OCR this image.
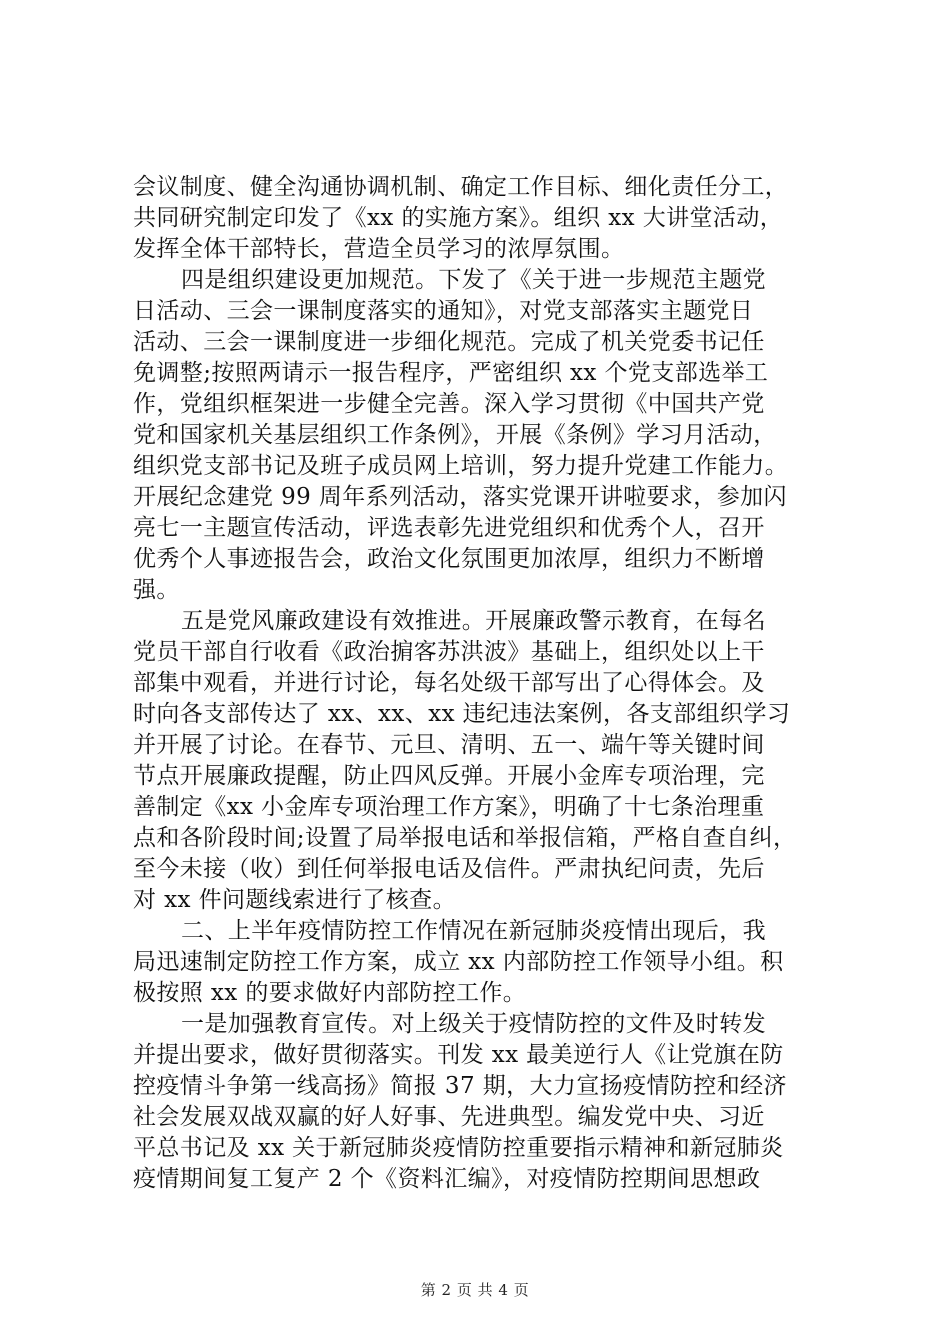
会议制度、健全沟通协调机制、确定工作目标、细化责任分工，
共同研究制定印发了《xx 的实施方案》。组织 xx 大讲堂活动，
发挥全体干部特长，营造全员学习的浓厚氛围。
四是组织建设更加规范。下发了《关于进一步规范主题党
日活动、三会一课制度落实的通知》，对党支部落实主题党日
活动、三会一课制度进一步细化规范。完成了机关党委书记任
免调整;按照两请示一报告程序，严密组织 xx 个党支部选举工
作，党组织框架进一步健全完善。深入学习贯彻《中国共产党
党和国家机关基层组织工作条例》，开展《条例》学习月活动，
组织党支部书记及班子成员网上培训，努力提升党建工作能力。
开展纪念建党 99 周年系列活动，落实党课开讲啦要求，参加闪
亮七一主题宣传活动，评选表彰先进党组织和优秀个人，召开
优秀个人事迹报告会，政治文化氛围更加浓厚，组织力不断增
强。
五是党风廉政建设有效推进。开展廉政警示教育，在每名
党员干部自行收看《政治掮客苏洪波》基础上，组织处以上干
部集中观看，并进行讨论，每名处级干部写出了心得体会。及
时向各支部传达了 xx、xx、xx 违纪违法案例，各支部组织学习
并开展了讨论。在春节、元旦、清明、五一、端午等关键时间
节点开展廉政提醒，防止四风反弹。开展小金库专项治理，完
善制定《xx 小金库专项治理工作方案》，明确了十七条治理重
点和各阶段时间;设置了局举报电话和举报信箱，严格自查自纠，
至今未接（收）到任何举报电话及信件。严肃执纪问责，先后
对 xx 件问题线索进行了核查。
二、上半年疫情防控工作情况在新冠肺炎疫情出现后，我
局迅速制定防控工作方案，成立 xx 内部防控工作领导小组。积
极按照 xx 的要求做好内部防控工作。
一是加强教育宣传。对上级关于疫情防控的文件及时转发
并提出要求，做好贯彻落实。刊发 xx 最美逆行人《让党旗在防
控疫情斗争第一线高扬》简报 37 期，大力宣扬疫情防控和经济
社会发展双战双赢的好人好事、先进典型。编发党中央、习近
平总书记及 xx 关于新冠肺炎疫情防控重要指示精神和新冠肺炎
疫情期间复工复产 2 个《资料汇编》，对疫情防控期间思想政
第 2 页 共 4 页
